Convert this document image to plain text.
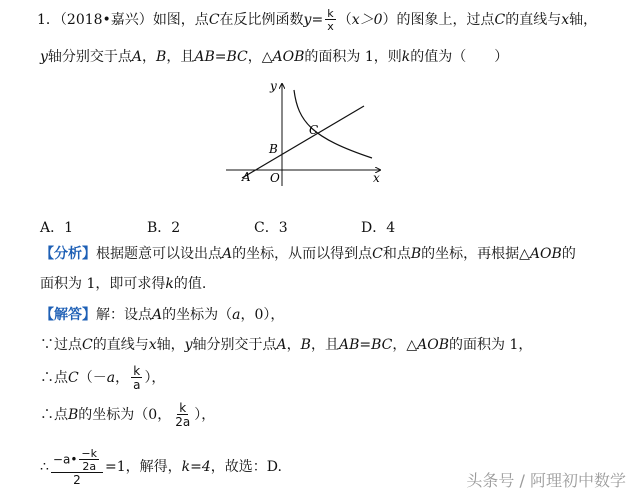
1．（2018•嘉兴）如图，点C在反比例函数$y= \frac{k}{x} (x>0)$的图象上，过点C的直线与x轴，
y轴分别交于点A，B，且AB=BC，△AOB的面积为 1，则k的值为（　　）
x
y
A
B
C
O
A．1	B．2	C．3	D．4
【分析】根据题意可以设出点A的坐标，从而以得到点C和点B的坐标，再根据△AOB的
面积为 1，即可求得k的值.
【解答】解：设点A的坐标为（a，0），
∵过点C的直线与x轴，y轴分别交于点A，B，且AB=BC，△AOB的面积为 1，
∴点C（－a， $\frac{k}{a}$ ），
∴点B的坐标为（0， $\frac{k}{2a}$ ），
∴ $\frac{-a• \frac{-k}{2a}}{2} =1$，解得，k=4，故选：D.
头条号 / 阿理初中数学
